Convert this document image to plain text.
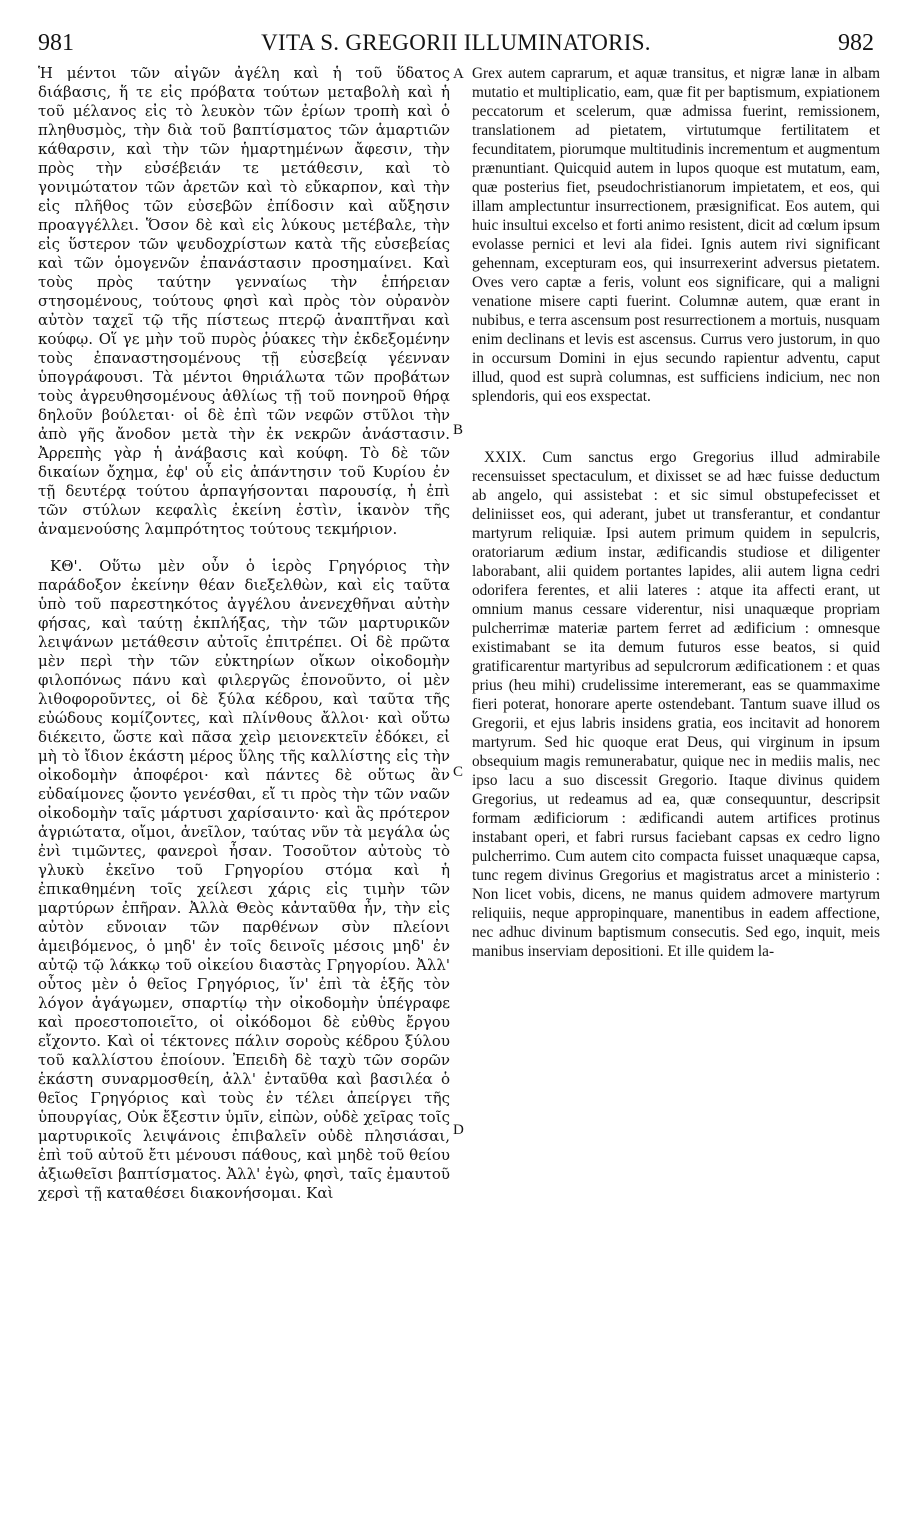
981	VITA S. GREGORII ILLUMINATORIS.	982

Ἡ μέντοι τῶν αἰγῶν ἀγέλη καὶ ἡ τοῦ ὕδατος διάβασις, ἥ τε εἰς πρόβατα τούτων μεταβολὴ καὶ ἡ τοῦ μέλανος εἰς τὸ λευκὸν τῶν ἐρίων τροπὴ καὶ ὁ πληθυσμὸς, τὴν διὰ τοῦ βαπτίσματος τῶν ἁμαρτιῶν κάθαρσιν, καὶ τὴν τῶν ἡμαρτημένων ἄφεσιν, τὴν πρὸς τὴν εὐσέβειάν τε μετάθεσιν, καὶ τὸ γονιμώτατον τῶν ἀρετῶν καὶ τὸ εὔκαρπον, καὶ τὴν εἰς πλῆθος τῶν εὐσεβῶν ἐπίδοσιν καὶ αὔξησιν προαγγέλλει. Ὅσον δὲ καὶ εἰς λύκους μετέβαλε, τὴν εἰς ὕστερον τῶν ψευδοχρίστων κατὰ τῆς εὐσεβείας καὶ τῶν ὁμογενῶν ἐπανάστασιν προσημαίνει. Καὶ τοὺς πρὸς ταύτην γενναίως τὴν ἐπήρειαν στησομένους, τούτους φησὶ καὶ πρὸς τὸν οὐρανὸν αὐτὸν ταχεῖ τῷ τῆς πίστεως πτερῷ ἀναπτῆναι καὶ κούφῳ. Οἵ γε μὴν τοῦ πυρὸς ῥύακες τὴν ἐκδεξομένην τοὺς ἐπαναστησομένους τῇ εὐσεβείᾳ γέενναν ὑπογράφουσι. Τὰ μέντοι θηριάλωτα τῶν προβάτων τοὺς ἀγρευθησομένους ἀθλίως τῇ τοῦ πονηροῦ θήρᾳ δηλοῦν βούλεται· οἱ δὲ ἐπὶ τῶν νεφῶν στῦλοι τὴν ἀπὸ γῆς ἄνοδον μετὰ τὴν ἐκ νεκρῶν ἀνάστασιν. Ἀρρεπὴς γὰρ ἡ ἀνάβασις καὶ κούφη. Τὸ δὲ τῶν δικαίων ὄχημα, ἐφ' οὗ εἰς ἀπάντησιν τοῦ Κυρίου ἐν τῇ δευτέρᾳ τούτου ἁρπαγήσονται παρουσίᾳ, ἡ ἐπὶ τῶν στύλων κεφαλὶς ἐκείνη ἐστὶν, ἱκανὸν τῆς ἀναμενούσης λαμπρότητος τούτους τεκμήριον.

ΚΘ'. Οὕτω μὲν οὖν ὁ ἱερὸς Γρηγόριος τὴν παράδοξον ἐκείνην θέαν διεξελθὼν, καὶ εἰς ταῦτα ὑπὸ τοῦ παρεστηκότος ἀγγέλου ἀνενεχθῆναι αὐτὴν φήσας, καὶ ταύτῃ ἐκπλήξας, τὴν τῶν μαρτυρικῶν λειψάνων μετάθεσιν αὐτοῖς ἐπιτρέπει. Οἱ δὲ πρῶτα μὲν περὶ τὴν τῶν εὐκτηρίων οἴκων οἰκοδομὴν φιλοπόνως πάνυ καὶ φιλεργῶς ἐπονοῦντο, οἱ μὲν λιθοφοροῦντες, οἱ δὲ ξύλα κέδρου, καὶ ταῦτα τῆς εὐώδους κομίζοντες, καὶ πλίνθους ἄλλοι· καὶ οὕτω διέκειτο, ὥστε καὶ πᾶσα χεὶρ μειονεκτεῖν ἐδόκει, εἰ μὴ τὸ ἴδιον ἑκάστη μέρος ὕλης τῆς καλλίστης εἰς τὴν οἰκοδομὴν ἀποφέροι· καὶ πάντες δὲ οὕτως ἂν εὐδαίμονες ᾤοντο γενέσθαι, εἴ τι πρὸς τὴν τῶν ναῶν οἰκοδομὴν ταῖς μάρτυσι χαρίσαιντο· καὶ ἃς πρότερον ἀγριώτατα, οἴμοι, ἀνεῖλον, ταύτας νῦν τὰ μεγάλα ὡς ἐνὶ τιμῶντες, φανεροὶ ἦσαν. Τοσοῦτον αὐτοὺς τὸ γλυκὺ ἐκεῖνο τοῦ Γρηγορίου στόμα καὶ ἡ ἐπικαθημένη τοῖς χείλεσι χάρις εἰς τιμὴν τῶν μαρτύρων ἐπῆραν. Ἀλλὰ Θεὸς κἀνταῦθα ἦν, τὴν εἰς αὐτὸν εὔνοιαν τῶν παρθένων σὺν πλείονι ἀμειβόμενος, ὁ μηδ' ἐν τοῖς δεινοῖς μέσοις μηδ' ἐν αὐτῷ τῷ λάκκῳ τοῦ οἰκείου διαστὰς Γρηγορίου. Ἀλλ' οὗτος μὲν ὁ θεῖος Γρηγόριος, ἵν' ἐπὶ τὰ ἑξῆς τὸν λόγον ἀγάγωμεν, σπαρτίῳ τὴν οἰκοδομὴν ὑπέγραφε καὶ προεστοποιεῖτο, οἱ οἰκόδομοι δὲ εὐθὺς ἔργου εἴχοντο. Καὶ οἱ τέκτονες πάλιν σοροὺς κέδρου ξύλου τοῦ καλλίστου ἐποίουν. Ἐπειδὴ δὲ ταχὺ τῶν σορῶν ἑκάστη συναρμοσθείη, ἀλλ' ἐνταῦθα καὶ βασιλέα ὁ θεῖος Γρηγόριος καὶ τοὺς ἐν τέλει ἀπείργει τῆς ὑπουργίας, Οὐκ ἔξεστιν ὑμῖν, εἰπὼν, οὐδὲ χεῖρας τοῖς μαρτυρικοῖς λειψάνοις ἐπιβαλεῖν οὐδὲ πλησιάσαι, ἐπὶ τοῦ αὐτοῦ ἔτι μένουσι πάθους, καὶ μηδὲ τοῦ θείου ἀξιωθεῖσι βαπτίσματος. Ἀλλ' ἐγὼ, φησὶ, ταῖς ἐμαυτοῦ χερσὶ τῇ καταθέσει διακονήσομαι. Καὶ

A
B
C
D

Grex autem caprarum, et aquæ transitus, et nigræ lanæ in albam mutatio et multiplicatio, eam, quæ fit per baptismum, expiationem peccatorum et scelerum, quæ admissa fuerint, remissionem, translationem ad pietatem, virtutumque fertilitatem et fecunditatem, piorumque multitudinis incrementum et augmentum prænuntiant. Quicquid autem in lupos quoque est mutatum, eam, quæ posterius fiet, pseudochristianorum impietatem, et eos, qui illam amplectuntur insurrectionem, præsignificat. Eos autem, qui huic insultui excelso et forti animo resistent, dicit ad cœlum ipsum evolasse pernici et levi ala fidei. Ignis autem rivi significant gehennam, excepturam eos, qui insurrexerint adversus pietatem. Oves vero captæ a feris, volunt eos significare, qui a maligni venatione misere capti fuerint. Columnæ autem, quæ erant in nubibus, e terra ascensum post resurrectionem a mortuis, nusquam enim declinans et levis est ascensus. Currus vero justorum, in quo in occursum Domini in ejus secundo rapientur adventu, caput illud, quod est suprà columnas, est sufficiens indicium, nec non splendoris, qui eos exspectat.

XXIX. Cum sanctus ergo Gregorius illud admirabile recensuisset spectaculum, et dixisset se ad hæc fuisse deductum ab angelo, qui assistebat : et sic simul obstupefecisset et deliniisset eos, qui aderant, jubet ut transferantur, et condantur martyrum reliquiæ. Ipsi autem primum quidem in sepulcris, oratoriarum ædium instar, ædificandis studiose et diligenter laborabant, alii quidem portantes lapides, alii autem ligna cedri odorifera ferentes, et alii lateres : atque ita affecti erant, ut omnium manus cessare viderentur, nisi unaquæque propriam pulcherrimæ materiæ partem ferret ad ædificium : omnesque existimabant se ita demum futuros esse beatos, si quid gratificarentur martyribus ad sepulcrorum ædificationem : et quas prius (heu mihi) crudelissime interemerant, eas se quammaxime fieri poterat, honorare aperte ostendebant. Tantum suave illud os Gregorii, et ejus labris insidens gratia, eos incitavit ad honorem martyrum. Sed hic quoque erat Deus, qui virginum in ipsum obsequium magis remunerabatur, quique nec in mediis malis, nec ipso lacu a suo discessit Gregorio. Itaque divinus quidem Gregorius, ut redeamus ad ea, quæ consequuntur, descripsit formam ædificiorum : ædificandi autem artifices protinus instabant operi, et fabri rursus faciebant capsas ex cedro ligno pulcherrimo. Cum autem cito compacta fuisset unaquæque capsa, tunc regem divinus Gregorius et magistratus arcet a ministerio : Non licet vobis, dicens, ne manus quidem admovere martyrum reliquiis, neque appropinquare, manentibus in eadem affectione, nec adhuc divinum baptismum consecutis. Sed ego, inquit, meis manibus inserviam depositioni. Et ille quidem la-
